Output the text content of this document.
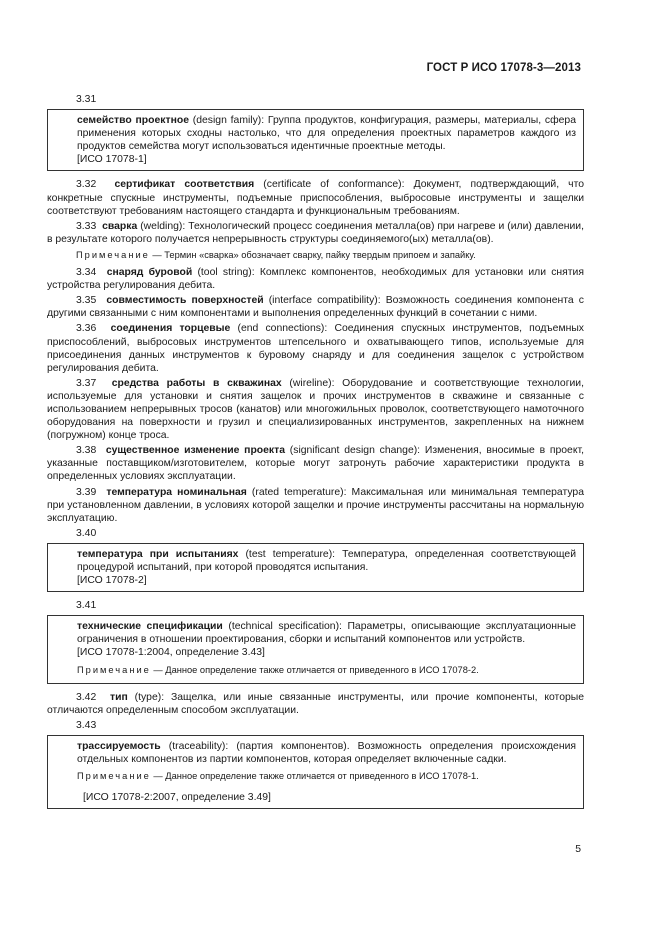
ГОСТ Р ИСО 17078-3—2013
3.31
семейство проектное (design family): Группа продуктов, конфигурация, размеры, материалы, сфера применения которых сходны настолько, что для определения проектных параметров каждого из продуктов семейства могут использоваться идентичные проектные методы.
[ИСО 17078-1]
3.32 сертификат соответствия (certificate of conformance): Документ, подтверждающий, что конкретные спускные инструменты, подъемные приспособления, выбросовые инструменты и защелки соответствуют требованиям настоящего стандарта и функциональным требованиям.
3.33 сварка (welding): Технологический процесс соединения металла(ов) при нагреве и (или) давлении, в результате которого получается непрерывность структуры соединяемого(ых) металла(ов).
Примечание — Термин «сварка» обозначает сварку, пайку твердым припоем и запайку.
3.34 снаряд буровой (tool string): Комплекс компонентов, необходимых для установки или снятия устройства регулирования дебита.
3.35 совместимость поверхностей (interface compatibility): Возможность соединения компонента с другими связанными с ним компонентами и выполнения определенных функций в сочетании с ними.
3.36 соединения торцевые (end connections): Соединения спускных инструментов, подъемных приспособлений, выбросовых инструментов штепсельного и охватывающего типов, используемые для присоединения данных инструментов к буровому снаряду и для соединения защелок с устройством регулирования дебита.
3.37 средства работы в скважинах (wireline): Оборудование и соответствующие технологии, используемые для установки и снятия защелок и прочих инструментов в скважине и связанные с использованием непрерывных тросов (канатов) или многожильных проволок, соответствующего намоточного оборудования на поверхности и грузил и специализированных инструментов, закрепленных на нижнем (погружном) конце троса.
3.38 существенное изменение проекта (significant design change): Изменения, вносимые в проект, указанные поставщиком/изготовителем, которые могут затронуть рабочие характеристики продукта в определенных условиях эксплуатации.
3.39 температура номинальная (rated temperature): Максимальная или минимальная температура при установленном давлении, в условиях которой защелки и прочие инструменты рассчитаны на нормальную эксплуатацию.
3.40
температура при испытаниях (test temperature): Температура, определенная соответствующей процедурой испытаний, при которой проводятся испытания.
[ИСО 17078-2]
3.41
технические спецификации (technical specification): Параметры, описывающие эксплуатационные ограничения в отношении проектирования, сборки и испытаний компонентов или устройств.
[ИСО 17078-1:2004, определение 3.43]
Примечание — Данное определение также отличается от приведенного в ИСО 17078-2.
3.42 тип (type): Защелка, или иные связанные инструменты, или прочие компоненты, которые отличаются определенным способом эксплуатации.
3.43
трассируемость (traceability): (партия компонентов). Возможность определения происхождения отдельных компонентов из партии компонентов, которая определяет включенные садки.
Примечание — Данное определение также отличается от приведенного в ИСО 17078-1.
[ИСО 17078-2:2007, определение 3.49]
5
